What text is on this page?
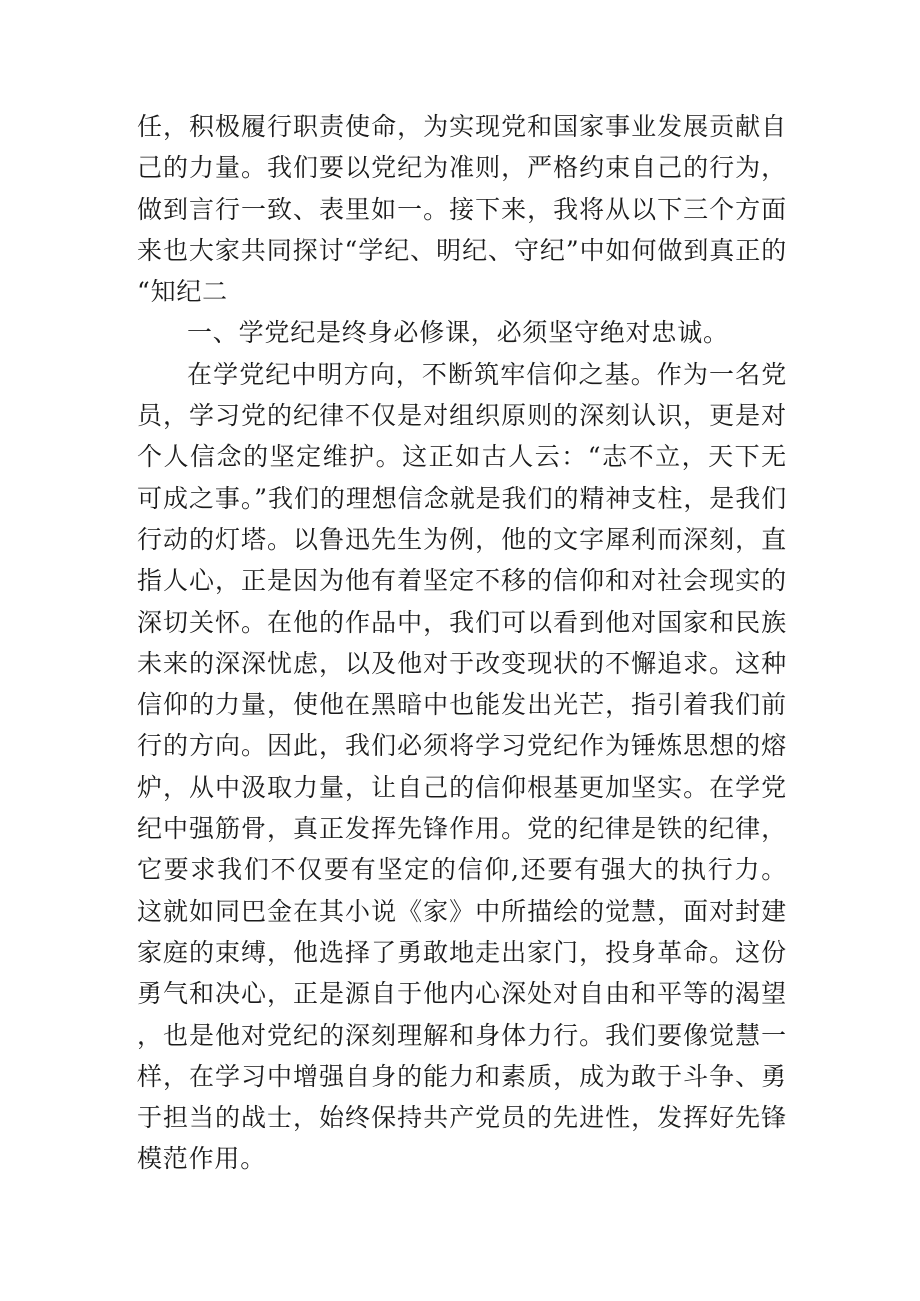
任，积极履行职责使命，为实现党和国家事业发展贡献自己的力量。我们要以党纪为准则，严格约束自己的行为，做到言行一致、表里如一。接下来，我将从以下三个方面来也大家共同探讨“学纪、明纪、守纪”中如何做到真正的“知纪二

一、学党纪是终身必修课，必须坚守绝对忠诚。

在学党纪中明方向，不断筑牢信仰之基。作为一名党员，学习党的纪律不仅是对组织原则的深刻认识，更是对个人信念的坚定维护。这正如古人云：“志不立，天下无可成之事。”我们的理想信念就是我们的精神支柱，是我们行动的灯塔。以鲁迅先生为例，他的文字犀利而深刻，直指人心，正是因为他有着坚定不移的信仰和对社会现实的深切关怀。在他的作品中，我们可以看到他对国家和民族未来的深深忧虑，以及他对于改变现状的不懈追求。这种信仰的力量，使他在黑暗中也能发出光芒，指引着我们前行的方向。因此，我们必须将学习党纪作为锤炼思想的熔炉，从中汲取力量，让自己的信仰根基更加坚实。在学党纪中强筋骨，真正发挥先锋作用。党的纪律是铁的纪律，它要求我们不仅要有坚定的信仰,还要有强大的执行力。这就如同巴金在其小说《家》中所描绘的觉慧，面对封建家庭的束缚，他选择了勇敢地走出家门，投身革命。这份勇气和决心，正是源自于他内心深处对自由和平等的渴望，也是他对党纪的深刻理解和身体力行。我们要像觉慧一样，在学习中增强自身的能力和素质，成为敢于斗争、勇于担当的战士，始终保持共产党员的先进性，发挥好先锋模范作用。
